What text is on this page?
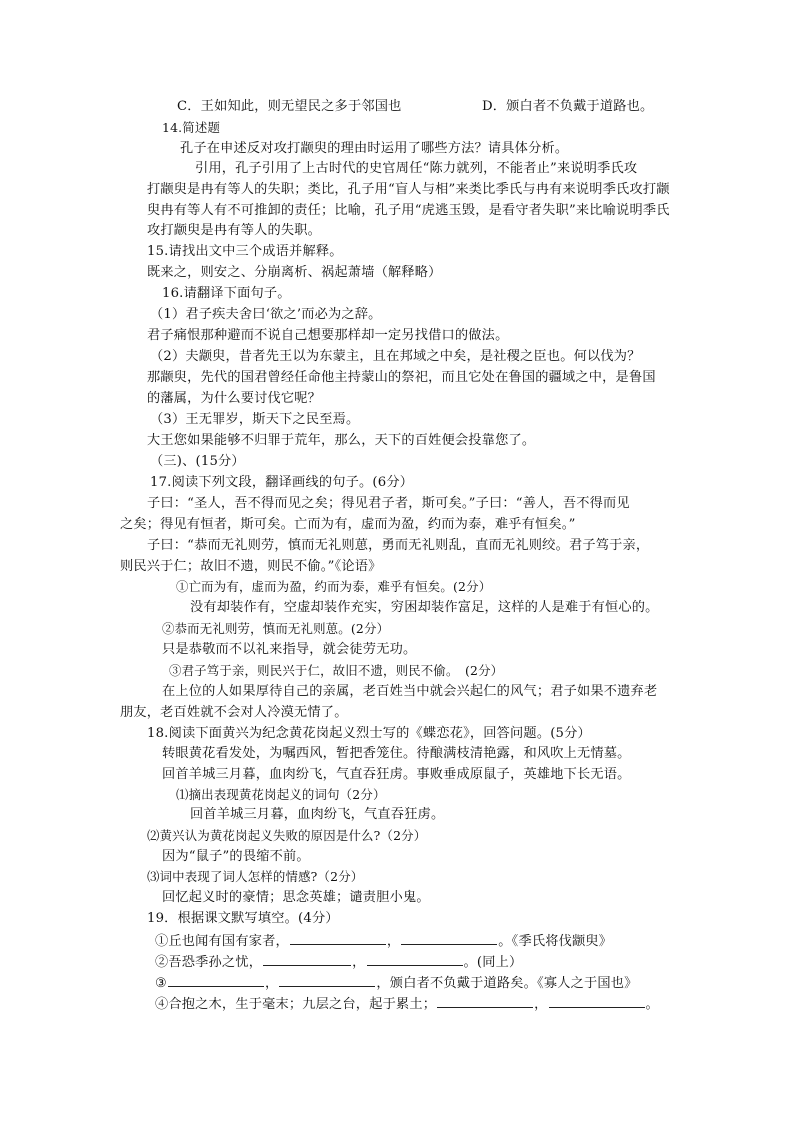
C．王如知此，则无望民之多于邻国也	D．颁白者不负戴于道路也。
14.简述题
孔子在申述反对攻打颛臾的理由时运用了哪些方法？请具体分析。
引用，孔子引用了上古时代的史官周任“陈力就列，不能者止”来说明季氏攻
打颛臾是冉有等人的失职；类比，孔子用“盲人与相”来类比季氏与冉有来说明季氏攻打颛
臾冉有等人有不可推卸的责任；比喻，孔子用“虎逃玉毁，是看守者失职”来比喻说明季氏
攻打颛臾是冉有等人的失职。
15.请找出文中三个成语并解释。
既来之，则安之、分崩离析、祸起萧墙（解释略）
16.请翻译下面句子。
（1）君子疾夫舍曰‘欲之’而必为之辞。
君子痛恨那种避而不说自己想要那样却一定另找借口的做法。
（2）夫颛臾，昔者先王以为东蒙主，且在邦域之中矣，是社稷之臣也。何以伐为？
那颛臾，先代的国君曾经任命他主持蒙山的祭祀，而且它处在鲁国的疆域之中，是鲁国
的藩属，为什么要讨伐它呢？
（3）王无罪岁，斯天下之民至焉。
大王您如果能够不归罪于荒年，那么，天下的百姓便会投靠您了。
（三)、(15分）
17.阅读下列文段，翻译画线的句子。(6分）
子曰：“圣人，吾不得而见之矣；得见君子者，斯可矣。”子曰：“善人，吾不得而见
之矣；得见有恒者，斯可矣。亡而为有，虚而为盈，约而为泰，难乎有恒矣。”
子曰：“恭而无礼则劳，慎而无礼则葸，勇而无礼则乱，直而无礼则绞。君子笃于亲，
则民兴于仁；故旧不遗，则民不偷。”《论语》
①亡而为有，虚而为盈，约而为泰，难乎有恒矣。(2分）
没有却装作有，空虚却装作充实，穷困却装作富足，这样的人是难于有恒心的。
②恭而无礼则劳，慎而无礼则葸。(2分）
只是恭敬而不以礼来指导，就会徒劳无功。
③君子笃于亲，则民兴于仁，故旧不遗，则民不偷。　(2分）
在上位的人如果厚待自己的亲属，老百姓当中就会兴起仁的风气；君子如果不遗弃老
朋友，老百姓就不会对人冷漠无情了。
18.阅读下面黄兴为纪念黄花岗起义烈士写的《蝶恋花》，回答问题。(5分）
转眼黄花看发处，为嘱西风，暂把香笼住。待酿满枝清艳露，和风吹上无情墓。
回首羊城三月暮，血肉纷飞，气直吞狂虏。事败垂成原鼠子，英雄地下长无语。
⑴摘出表现黄花岗起义的词句（2分）
回首羊城三月暮，血肉纷飞，气直吞狂虏。
⑵黄兴认为黄花岗起义失败的原因是什么?（2分）
因为“鼠子”的畏缩不前。
⑶词中表现了词人怎样的情感?（2分）
回忆起义时的豪情；思念英雄；谴责胆小鬼。
19．根据课文默写填空。(4分）
①丘也闻有国有家者，	，	。《季氏将伐颛臾》
②吾恐季孙之忧，	，	。(同上）
③	，	，颁白者不负戴于道路矣。《寡人之于国也》
④合抱之木，生于毫末；九层之台，起于累土；	，	。
